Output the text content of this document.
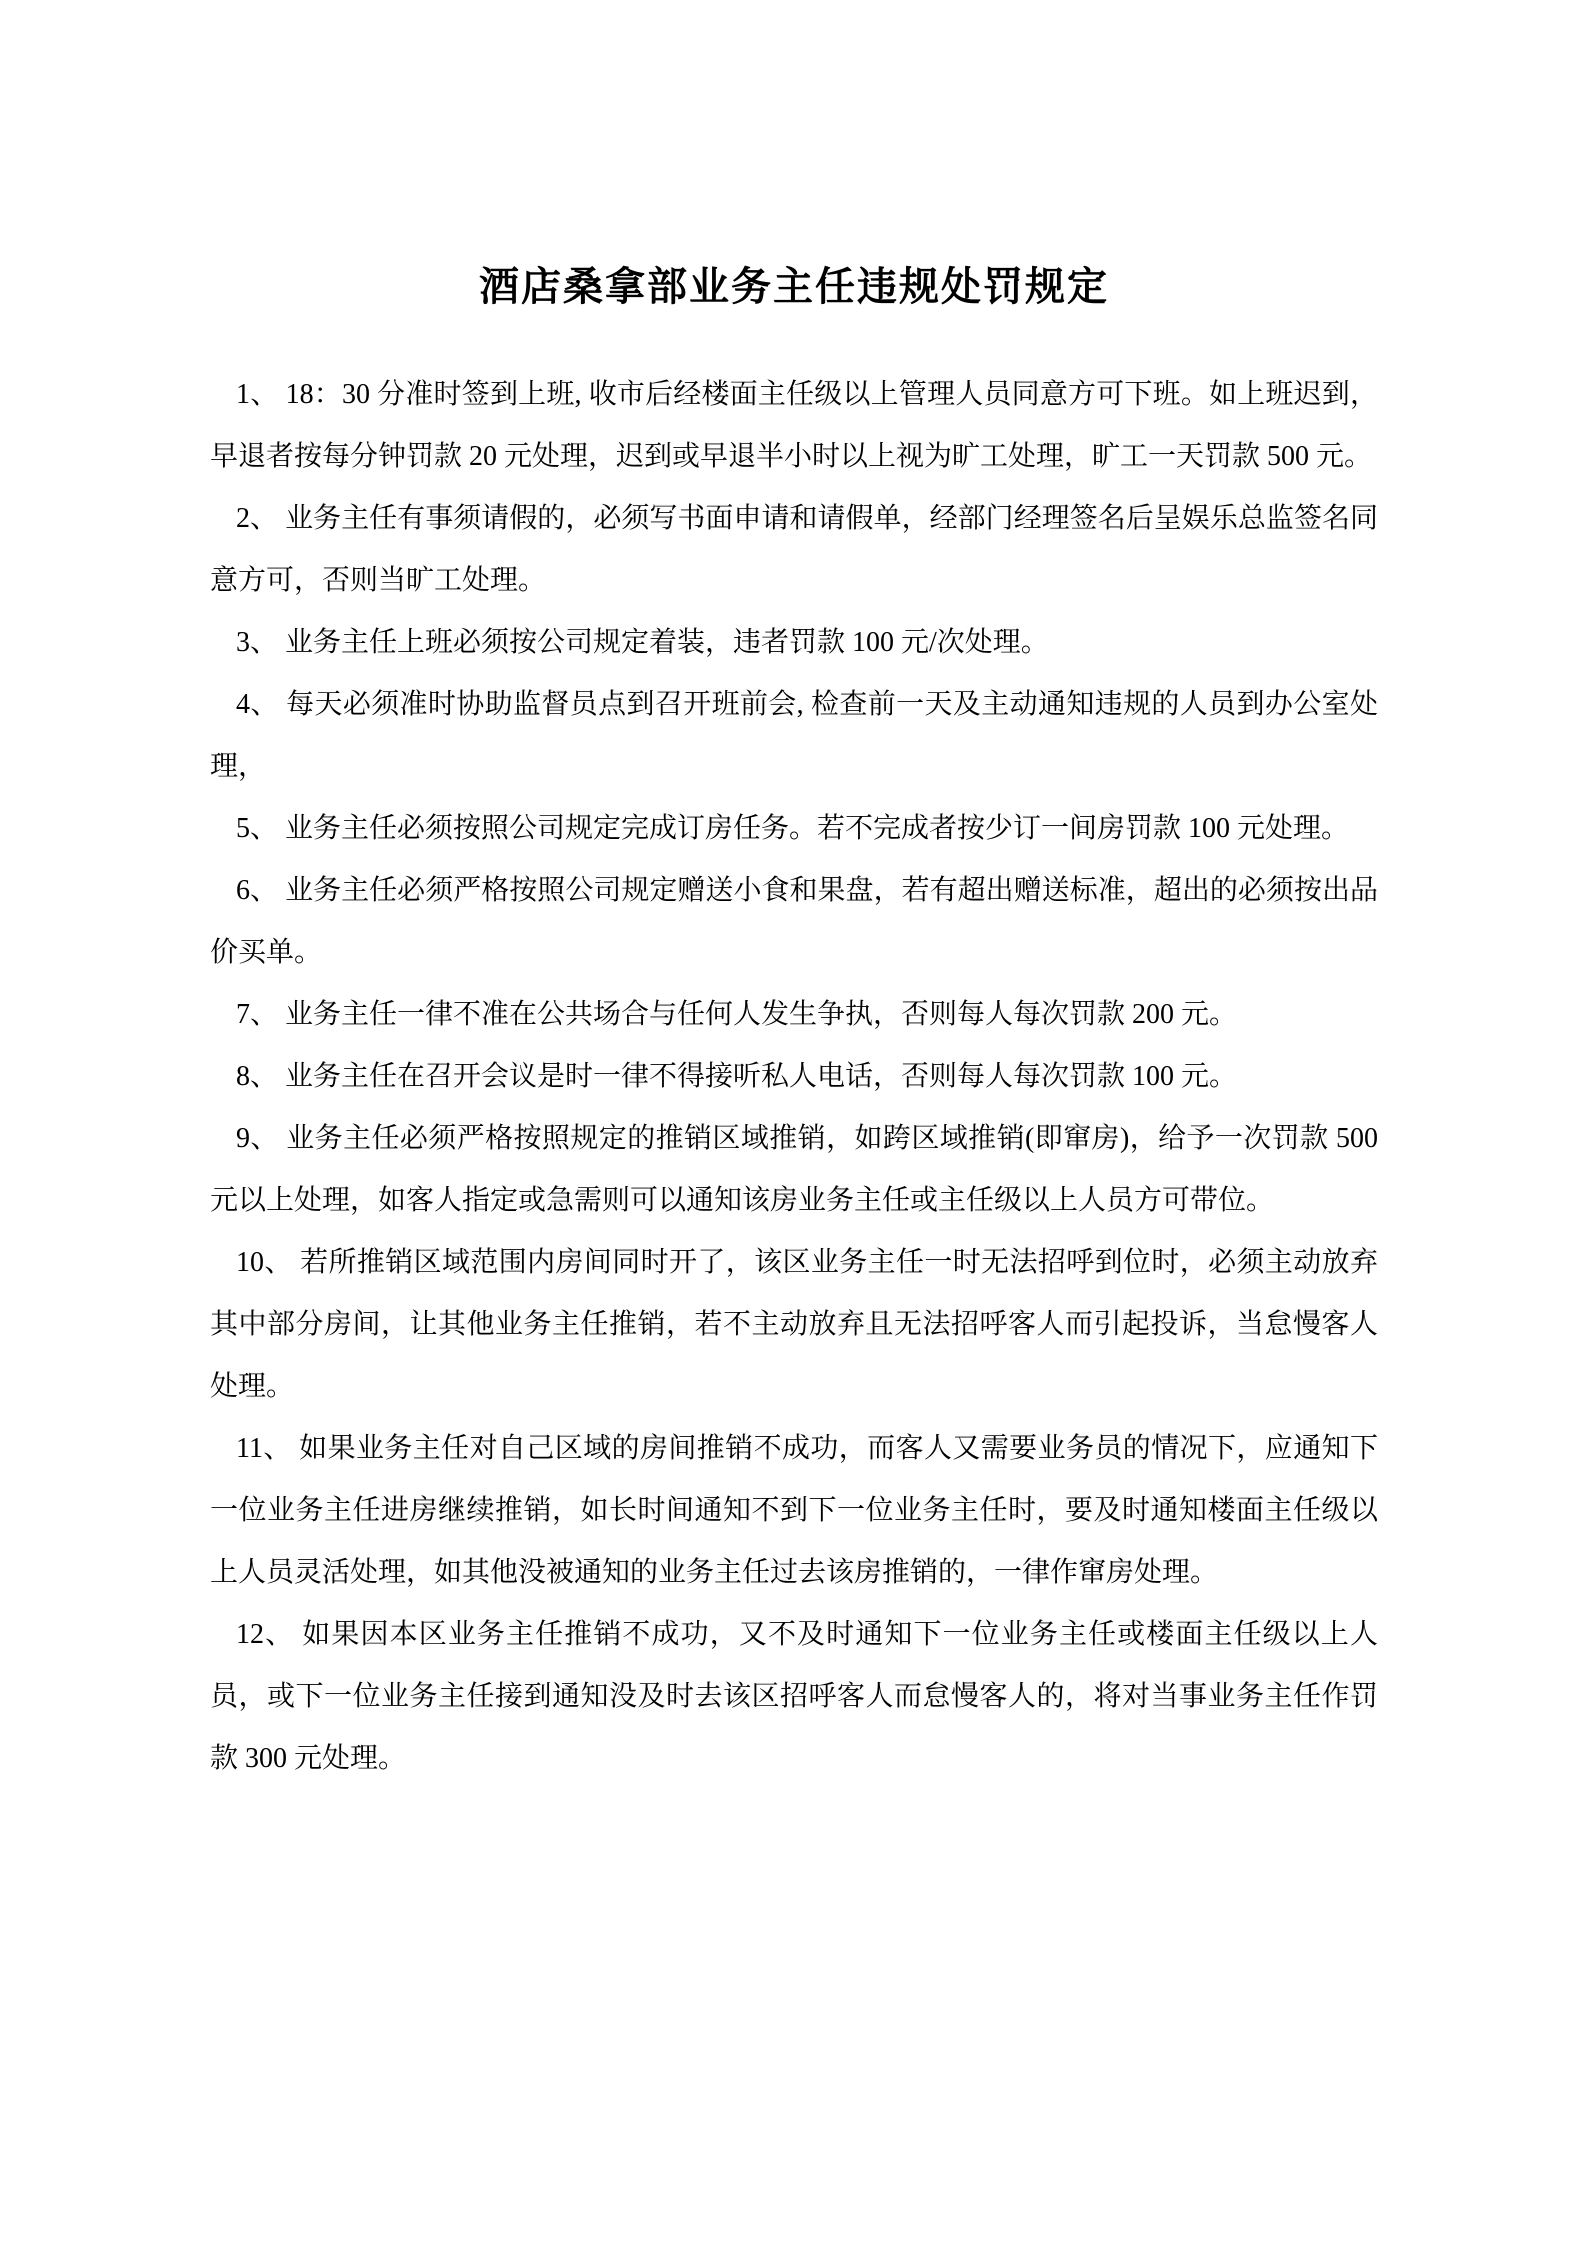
酒店桑拿部业务主任违规处罚规定

1、 18：30 分准时签到上班, 收市后经楼面主任级以上管理人员同意方可下班。如上班迟到，早退者按每分钟罚款 20 元处理，迟到或早退半小时以上视为旷工处理，旷工一天罚款 500 元。

2、 业务主任有事须请假的，必须写书面申请和请假单，经部门经理签名后呈娱乐总监签名同意方可，否则当旷工处理。

3、 业务主任上班必须按公司规定着装，违者罚款 100 元/次处理。

4、 每天必须准时协助监督员点到召开班前会, 检查前一天及主动通知违规的人员到办公室处理，

5、 业务主任必须按照公司规定完成订房任务。若不完成者按少订一间房罚款 100 元处理。

6、 业务主任必须严格按照公司规定赠送小食和果盘，若有超出赠送标准，超出的必须按出品价买单。

7、 业务主任一律不准在公共场合与任何人发生争执，否则每人每次罚款 200 元。

8、 业务主任在召开会议是时一律不得接听私人电话，否则每人每次罚款 100 元。

9、 业务主任必须严格按照规定的推销区域推销，如跨区域推销(即窜房)，给予一次罚款 500 元以上处理，如客人指定或急需则可以通知该房业务主任或主任级以上人员方可带位。

10、 若所推销区域范围内房间同时开了，该区业务主任一时无法招呼到位时，必须主动放弃其中部分房间，让其他业务主任推销，若不主动放弃且无法招呼客人而引起投诉，当怠慢客人处理。

11、 如果业务主任对自己区域的房间推销不成功，而客人又需要业务员的情况下，应通知下一位业务主任进房继续推销，如长时间通知不到下一位业务主任时，要及时通知楼面主任级以上人员灵活处理，如其他没被通知的业务主任过去该房推销的，一律作窜房处理。

12、 如果因本区业务主任推销不成功，又不及时通知下一位业务主任或楼面主任级以上人员，或下一位业务主任接到通知没及时去该区招呼客人而怠慢客人的，将对当事业务主任作罚款 300 元处理。
